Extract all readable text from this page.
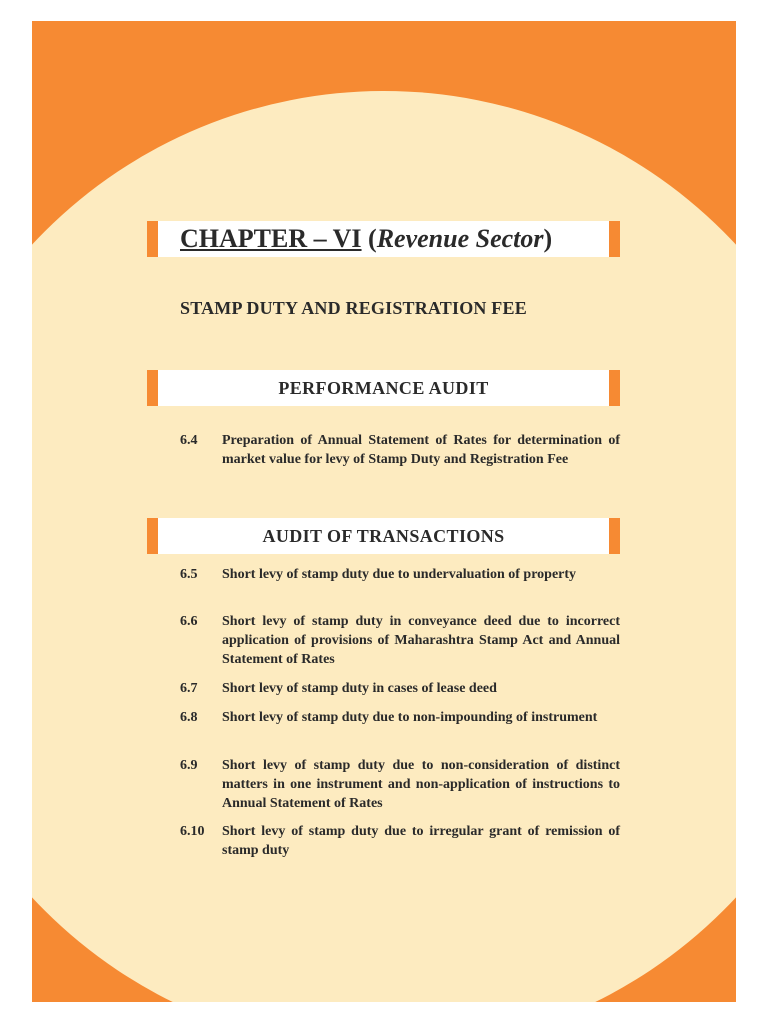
CHAPTER – VI (Revenue Sector)
STAMP DUTY AND REGISTRATION FEE
PERFORMANCE AUDIT
6.4 Preparation of Annual Statement of Rates for determination of market value for levy of Stamp Duty and Registration Fee
AUDIT OF TRANSACTIONS
6.5 Short levy of stamp duty due to undervaluation of property
6.6 Short levy of stamp duty in conveyance deed due to incorrect application of provisions of Maharashtra Stamp Act and Annual Statement of Rates
6.7 Short levy of stamp duty in cases of lease deed
6.8 Short levy of stamp duty due to non-impounding of instrument
6.9 Short levy of stamp duty due to non-consideration of distinct matters in one instrument and non-application of instructions to Annual Statement of Rates
6.10 Short levy of stamp duty due to irregular grant of remission of stamp duty
